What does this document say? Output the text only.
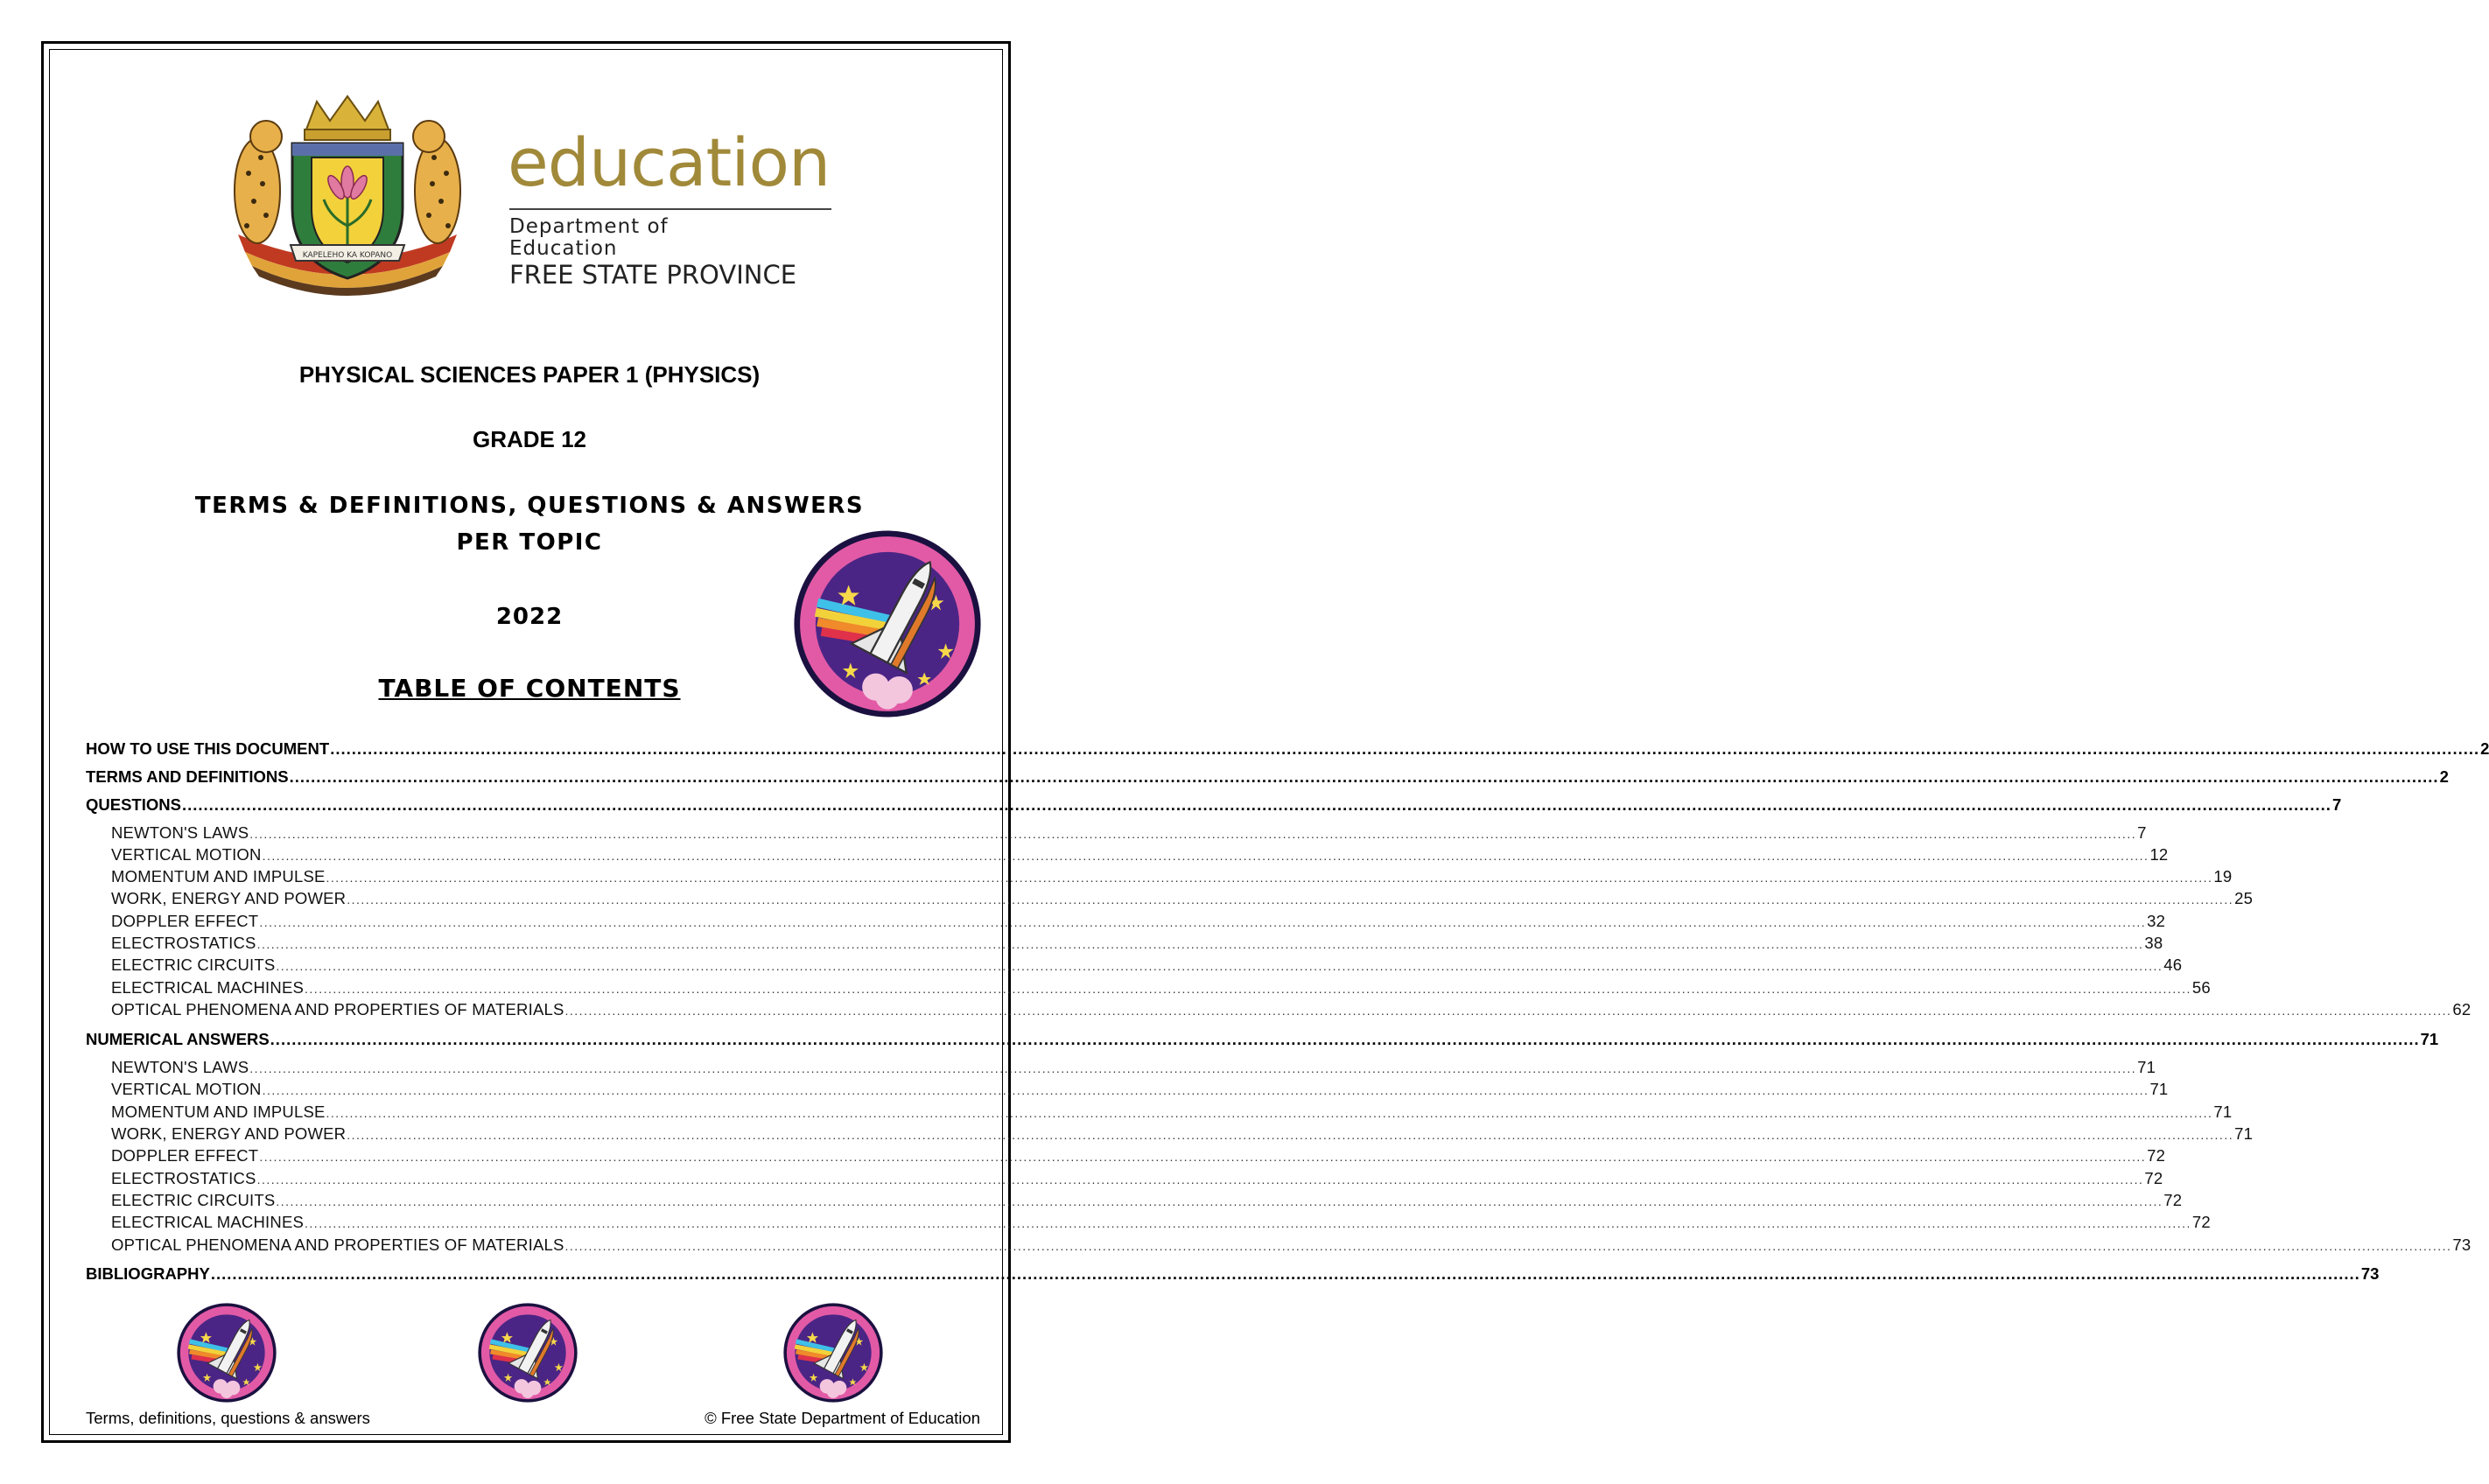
KAPELEHO KA KOPANO
education
Department of
Education
FREE STATE PROVINCE
PHYSICAL SCIENCES PAPER 1 (PHYSICS)
GRADE 12
TERMS & DEFINITIONS, QUESTIONS & ANSWERS
PER TOPIC
2022
TABLE OF CONTENTS
HOW TO USE THIS DOCUMENT ................................................................................................................................................................................................................................................................................................................................................................................................................ 2
TERMS AND DEFINITIONS ................................................................................................................................................................................................................................................................................................................................................................................................................ 2
QUESTIONS ................................................................................................................................................................................................................................................................................................................................................................................................................ 7
NEWTON'S LAWS ................................................................................................................................................................................................................................................................................................................................................................................................................ 7
VERTICAL MOTION ................................................................................................................................................................................................................................................................................................................................................................................................................ 12
MOMENTUM AND IMPULSE ................................................................................................................................................................................................................................................................................................................................................................................................................ 19
WORK, ENERGY AND POWER ................................................................................................................................................................................................................................................................................................................................................................................................................ 25
DOPPLER EFFECT ................................................................................................................................................................................................................................................................................................................................................................................................................ 32
ELECTROSTATICS ................................................................................................................................................................................................................................................................................................................................................................................................................ 38
ELECTRIC CIRCUITS ................................................................................................................................................................................................................................................................................................................................................................................................................ 46
ELECTRICAL MACHINES ................................................................................................................................................................................................................................................................................................................................................................................................................ 56
OPTICAL PHENOMENA AND PROPERTIES OF MATERIALS ................................................................................................................................................................................................................................................................................................................................................................................................................ 62
NUMERICAL ANSWERS ................................................................................................................................................................................................................................................................................................................................................................................................................ 71
NEWTON'S LAWS ................................................................................................................................................................................................................................................................................................................................................................................................................ 71
VERTICAL MOTION ................................................................................................................................................................................................................................................................................................................................................................................................................ 71
MOMENTUM AND IMPULSE ................................................................................................................................................................................................................................................................................................................................................................................................................ 71
WORK, ENERGY AND POWER ................................................................................................................................................................................................................................................................................................................................................................................................................ 71
DOPPLER EFFECT ................................................................................................................................................................................................................................................................................................................................................................................................................ 72
ELECTROSTATICS ................................................................................................................................................................................................................................................................................................................................................................................................................ 72
ELECTRIC CIRCUITS ................................................................................................................................................................................................................................................................................................................................................................................................................ 72
ELECTRICAL MACHINES ................................................................................................................................................................................................................................................................................................................................................................................................................ 72
OPTICAL PHENOMENA AND PROPERTIES OF MATERIALS ................................................................................................................................................................................................................................................................................................................................................................................................................ 73
BIBLIOGRAPHY ................................................................................................................................................................................................................................................................................................................................................................................................................ 73
Terms, definitions, questions & answers	© Free State Department of Education
